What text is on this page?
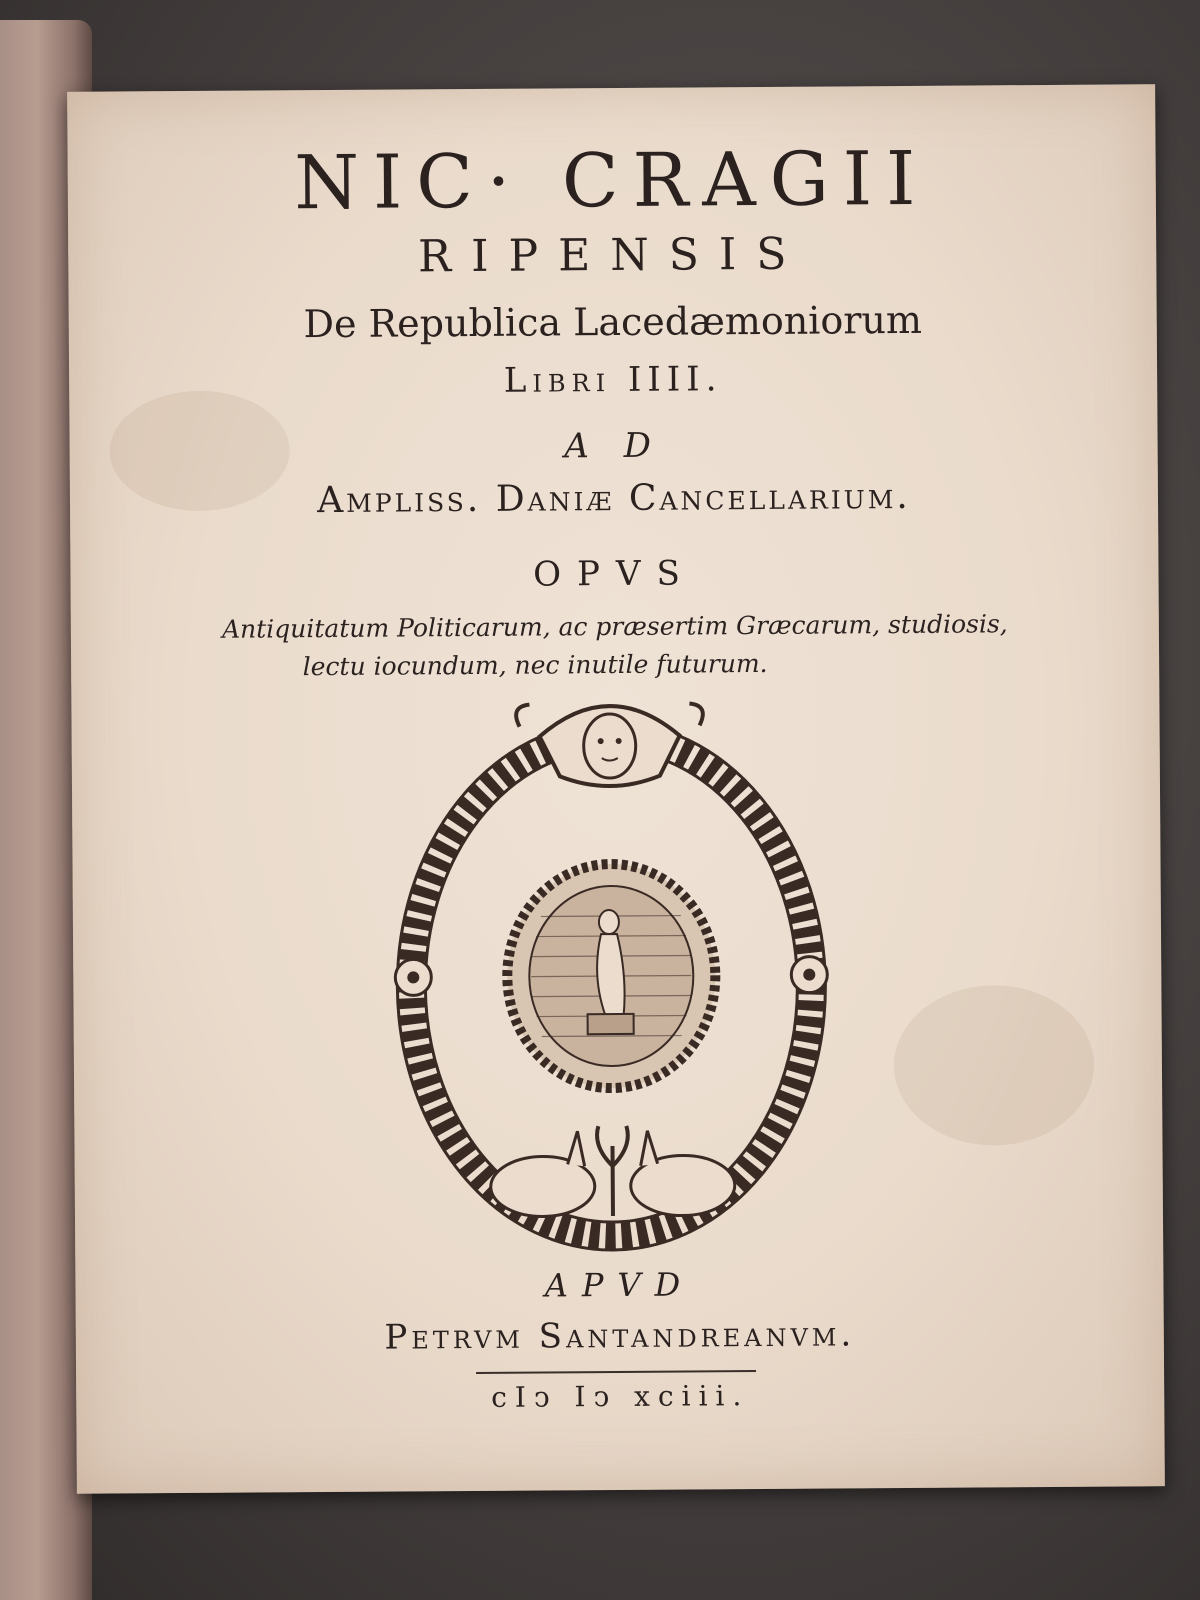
NIC· CRAGII
RIPENSIS
De Republica Lacedæmoniorum
Libri IIII.
A D
Ampliss. Daniæ Cancellarium.
OPVS
Antiquitatum Politicarum, ac præsertim Græcarum, studiosis,
lectu iocundum, nec inutile futurum.
APVD
Petrvm Santandreanvm.
cIↄ Iↄ xciii.
